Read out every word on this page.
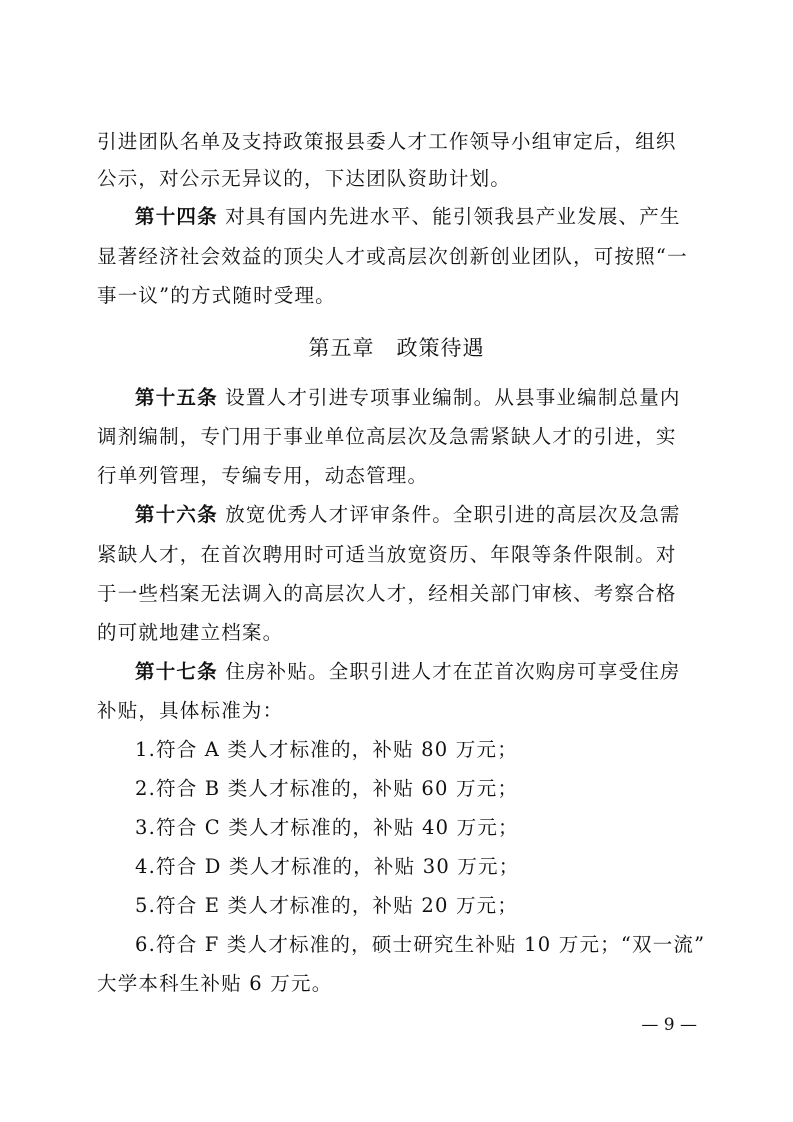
引进团队名单及支持政策报县委人才工作领导小组审定后，组织
公示，对公示无异议的，下达团队资助计划。
第十四条 对具有国内先进水平、能引领我县产业发展、产生
显著经济社会效益的顶尖人才或高层次创新创业团队，可按照“一
事一议”的方式随时受理。
第五章 政策待遇
第十五条 设置人才引进专项事业编制。从县事业编制总量内
调剂编制，专门用于事业单位高层次及急需紧缺人才的引进，实
行单列管理，专编专用，动态管理。
第十六条 放宽优秀人才评审条件。全职引进的高层次及急需
紧缺人才，在首次聘用时可适当放宽资历、年限等条件限制。对
于一些档案无法调入的高层次人才，经相关部门审核、考察合格
的可就地建立档案。
第十七条 住房补贴。全职引进人才在芷首次购房可享受住房
补贴，具体标准为：
1.符合 A 类人才标准的，补贴 80 万元；
2.符合 B 类人才标准的，补贴 60 万元；
3.符合 C 类人才标准的，补贴 40 万元；
4.符合 D 类人才标准的，补贴 30 万元；
5.符合 E 类人才标准的，补贴 20 万元；
6.符合 F 类人才标准的，硕士研究生补贴 10 万元；“双一流”
大学本科生补贴 6 万元。
— 9 —
